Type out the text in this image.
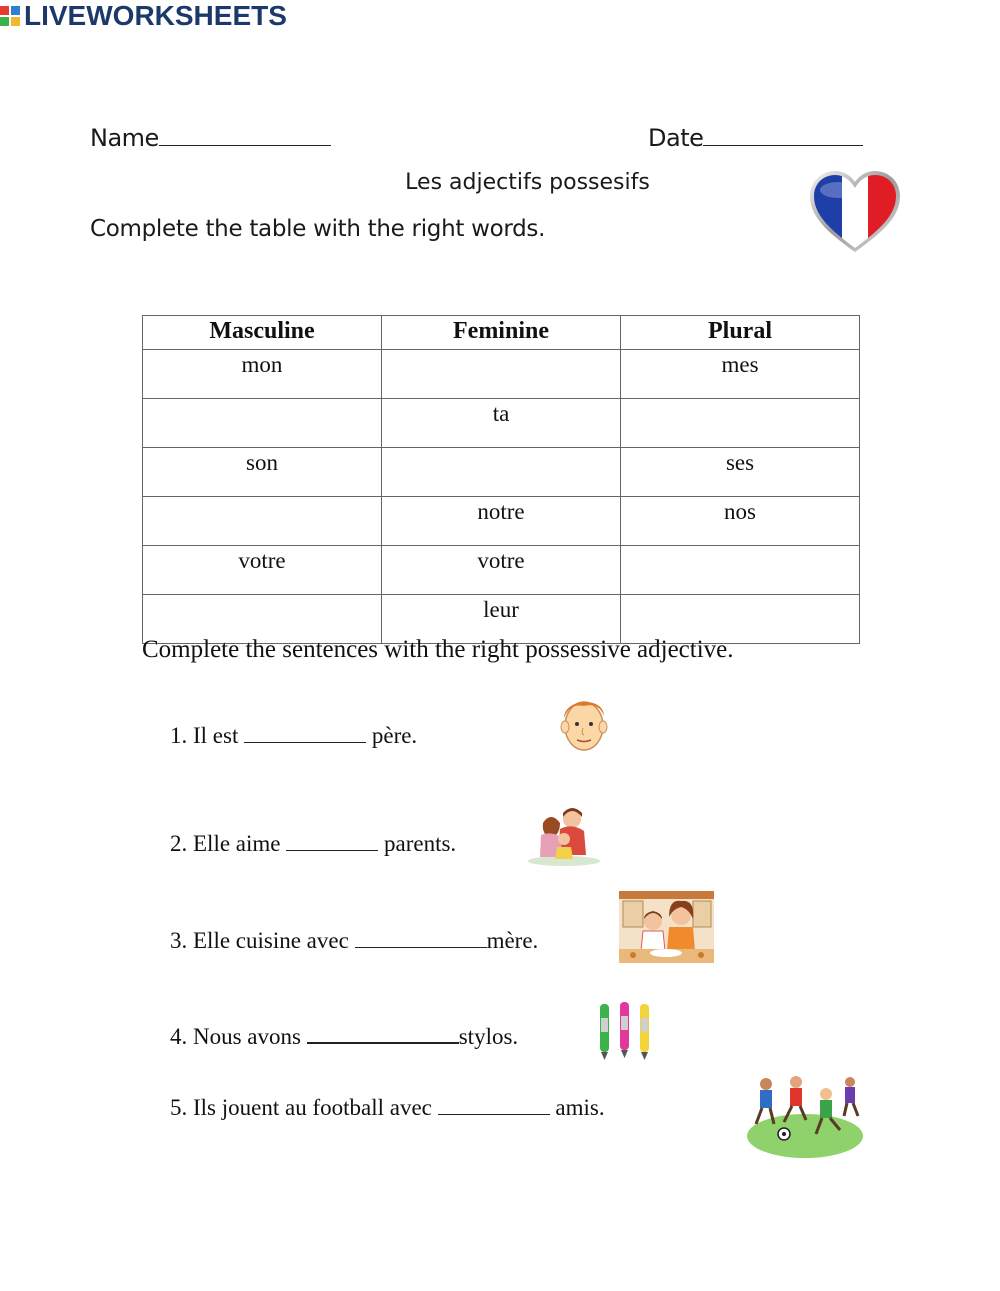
Name	Date
Les adjectifs possesifs
Complete the table with the right words.
Masculine	Feminine	Plural
mon		mes
	ta	
son		ses
	notre	nos
votre	votre	
	leur	
Complete the sentences with the right possessive adjective.
1. Il est	père.
2. Elle aime	parents.
3. Elle cuisine avec	mère.
4. Nous avons	stylos.
5. Ils jouent au football avec	amis.
LIVEWORKSHEETS
